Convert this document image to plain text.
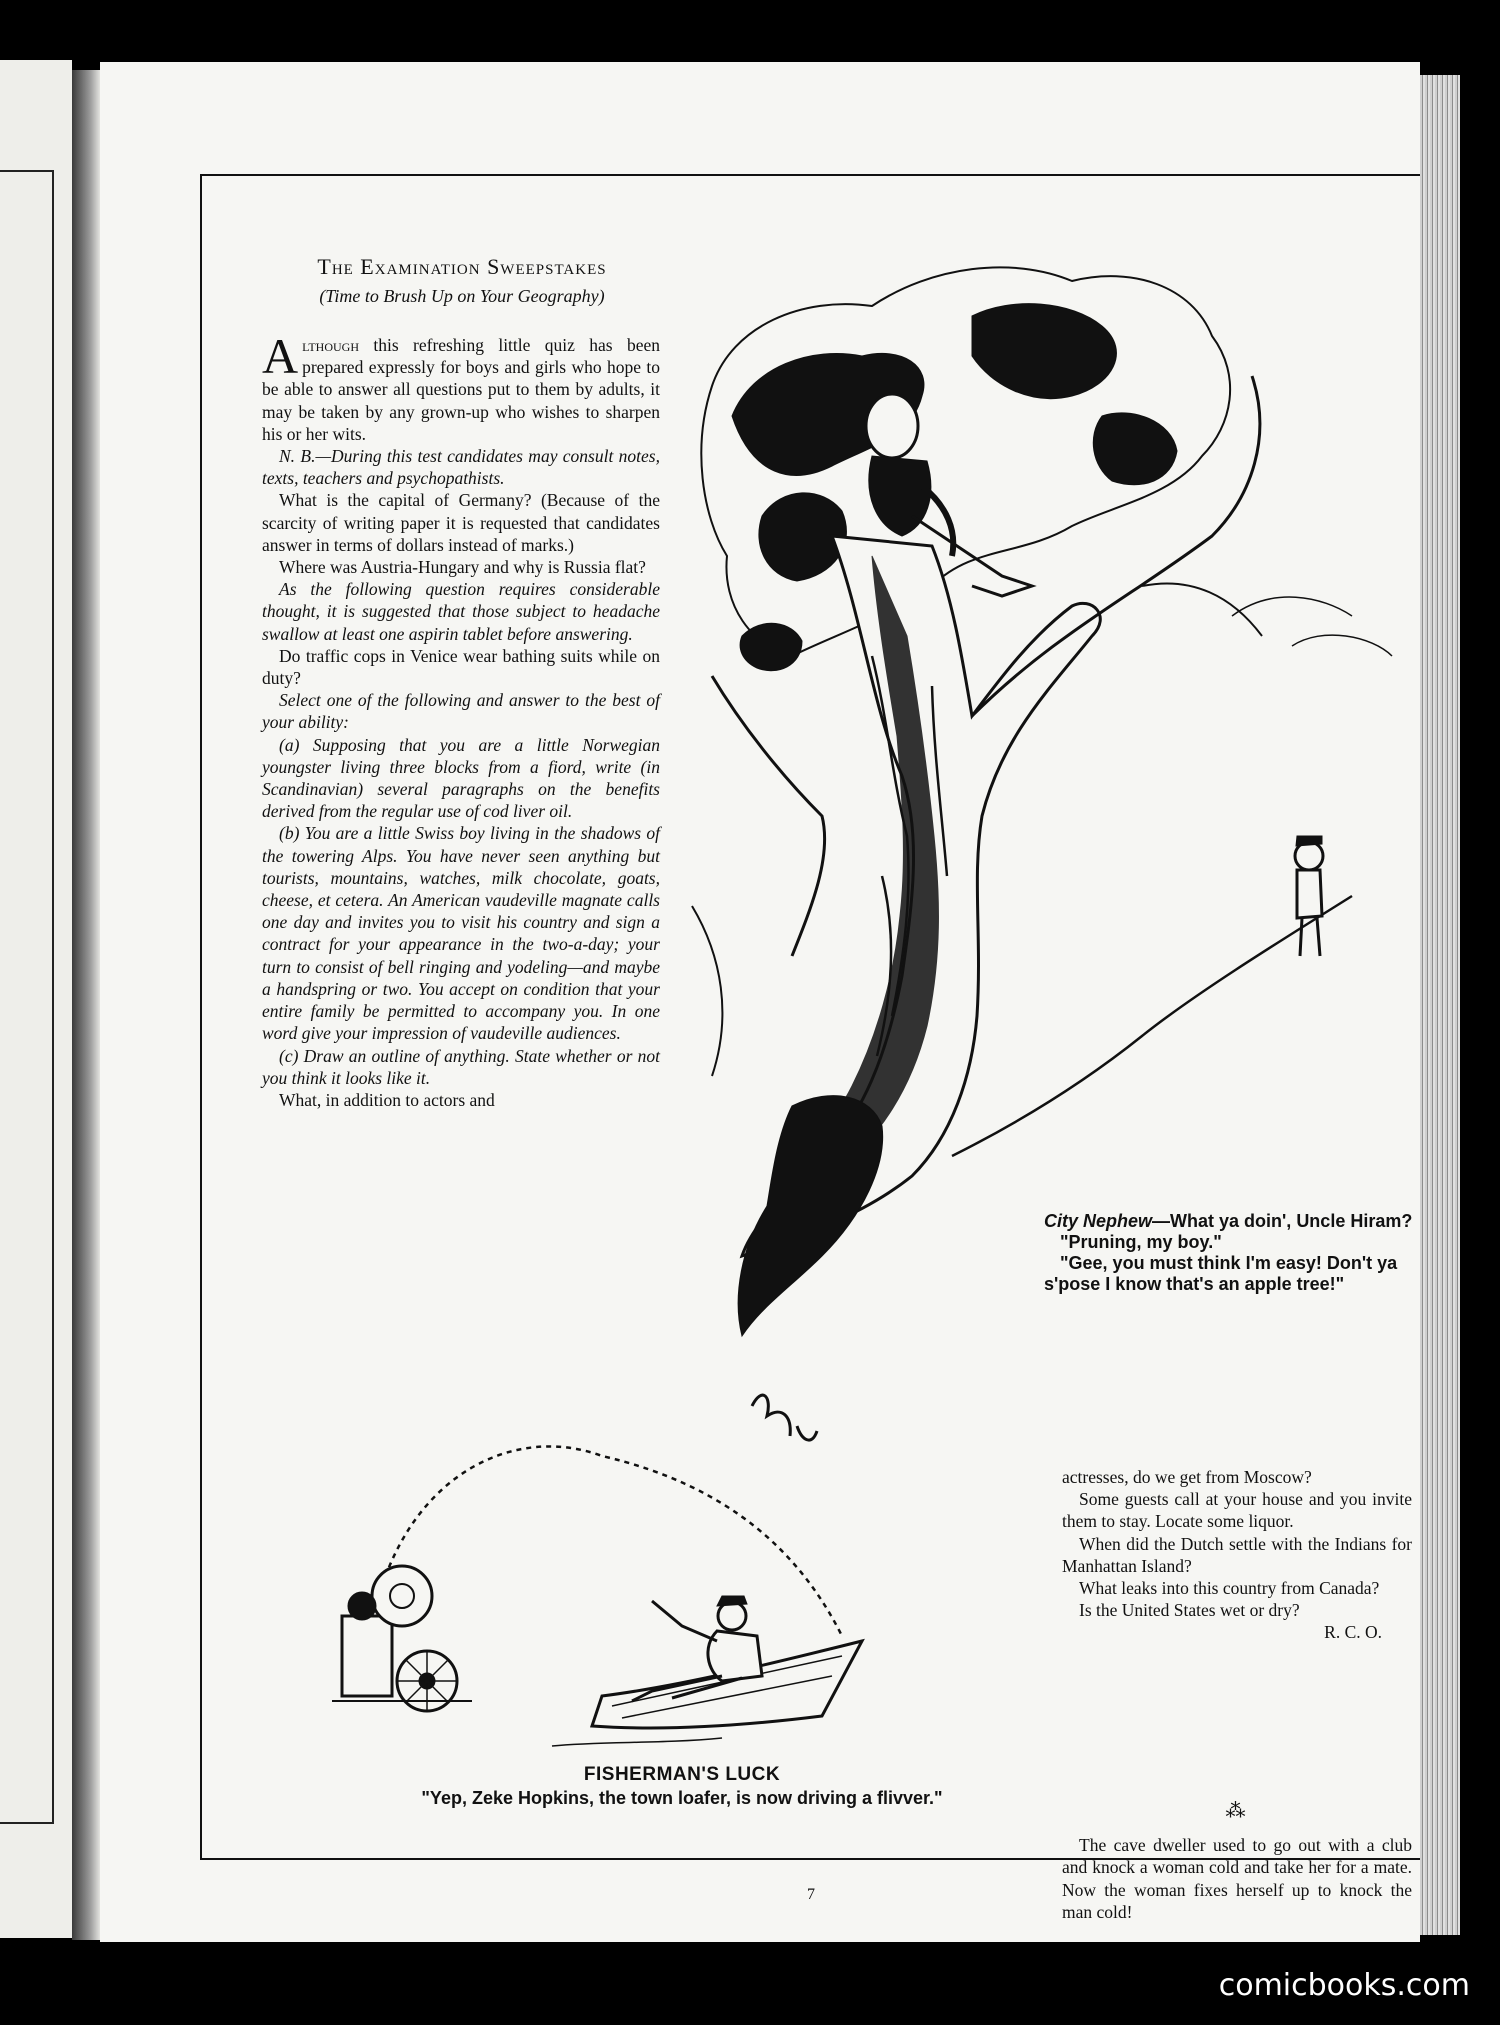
The Examination Sweepstakes
(Time to Brush Up on Your Geography)

Although this refreshing little quiz has been prepared expressly for boys and girls who hope to be able to answer all questions put to them by adults, it may be taken by any grown-up who wishes to sharpen his or her wits.

N. B.—During this test candidates may consult notes, texts, teachers and psychopathists.

What is the capital of Germany? (Because of the scarcity of writing paper it is requested that candidates answer in terms of dollars instead of marks.)

Where was Austria-Hungary and why is Russia flat?

As the following question requires considerable thought, it is suggested that those subject to headache swallow at least one aspirin tablet before answering.

Do traffic cops in Venice wear bathing suits while on duty?

Select one of the following and answer to the best of your ability:

(a) Supposing that you are a little Norwegian youngster living three blocks from a fiord, write (in Scandinavian) several paragraphs on the benefits derived from the regular use of cod liver oil.

(b) You are a little Swiss boy living in the shadows of the towering Alps. You have never seen anything but tourists, mountains, watches, milk chocolate, goats, cheese, et cetera. An American vaudeville magnate calls one day and invites you to visit his country and sign a contract for your appearance in the two-a-day; your turn to consist of bell ringing and yodeling—and maybe a handspring or two. You accept on condition that your entire family be permitted to accompany you. In one word give your impression of vaudeville audiences.

(c) Draw an outline of anything. State whether or not you think it looks like it.

What, in addition to actors and

City Nephew—What ya doin', Uncle Hiram?

"Pruning, my boy."

"Gee, you must think I'm easy! Don't ya s'pose I know that's an apple tree!"

FISHERMAN'S LUCK
"Yep, Zeke Hopkins, the town loafer, is now driving a flivver."

actresses, do we get from Moscow?

Some guests call at your house and you invite them to stay. Locate some liquor.

When did the Dutch settle with the Indians for Manhattan Island?

What leaks into this country from Canada?

Is the United States wet or dry?

R. C. O.

⁂

The cave dweller used to go out with a club and knock a woman cold and take her for a mate. Now the woman fixes herself up to knock the man cold!

7
comicbooks.com
